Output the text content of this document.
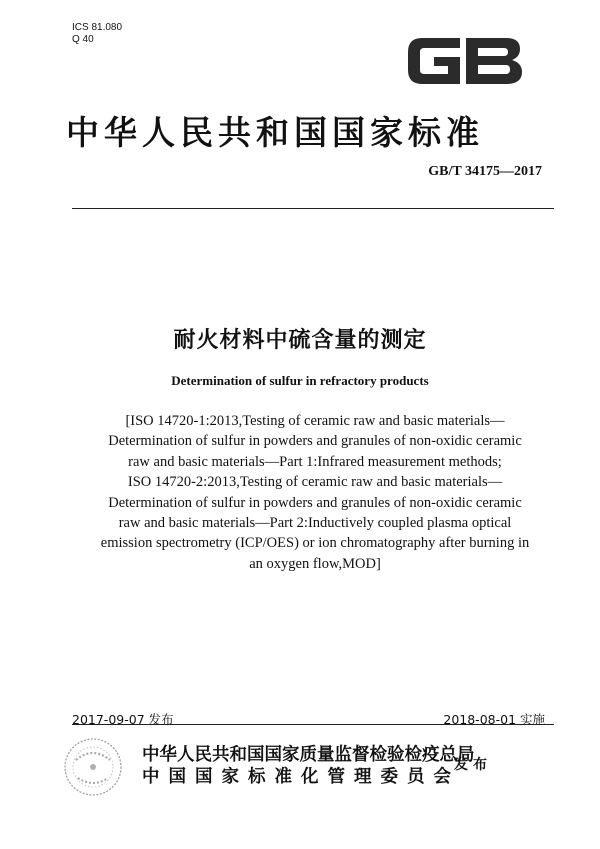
ICS 81.080
Q 40
中华人民共和国国家标准
GB/T 34175—2017
耐火材料中硫含量的测定
Determination of sulfur in refractory products
[ISO 14720-1:2013,Testing of ceramic raw and basic materials—
Determination of sulfur in powders and granules of non-oxidic ceramic
raw and basic materials—Part 1:Infrared measurement methods;
ISO 14720-2:2013,Testing of ceramic raw and basic materials—
Determination of sulfur in powders and granules of non-oxidic ceramic
raw and basic materials—Part 2:Inductively coupled plasma optical
emission spectrometry (ICP/OES) or ion chromatography after burning in
an oxygen flow,MOD]
2017-09-07 发布	2018-08-01 实施
中华人民共和国国家质量监督检验检疫总局
中国国家标准化管理委员会
发布
